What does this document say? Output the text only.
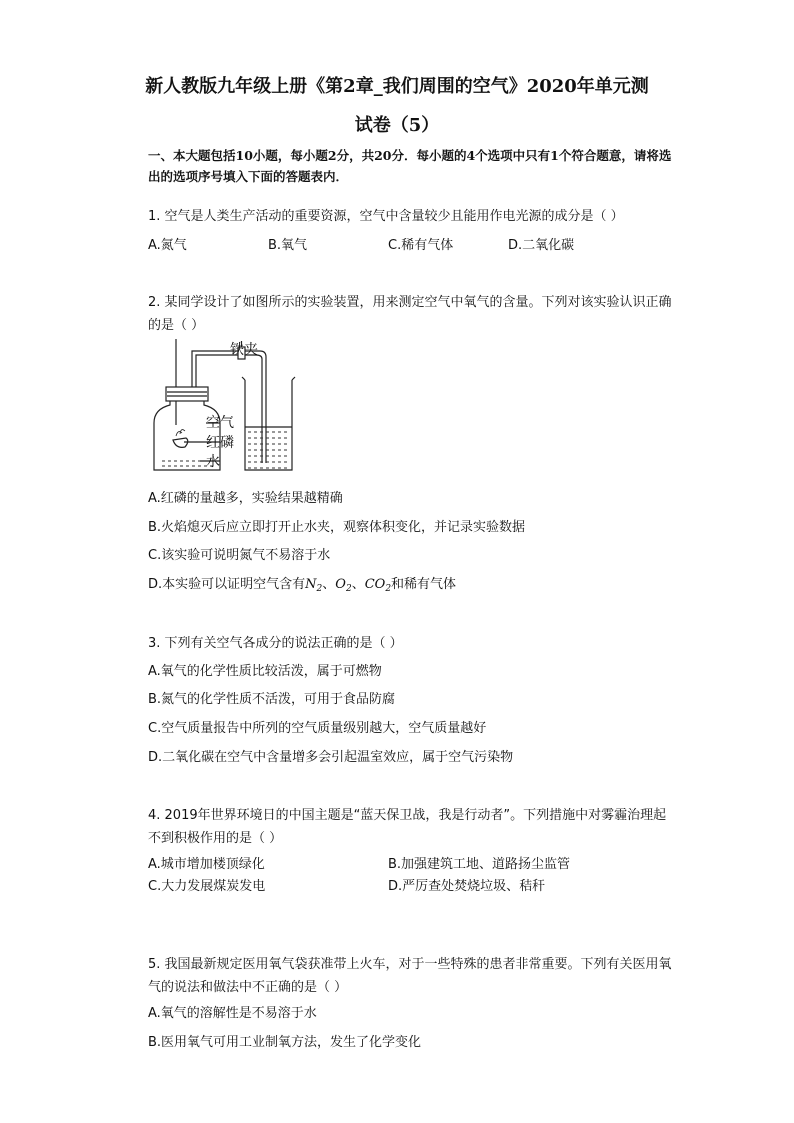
新人教版九年级上册《第2章_我们周围的空气》2020年单元测
试卷（5）
一、本大题包括10小题，每小题2分，共20分．每小题的4个选项中只有1个符合题意，请将选出的选项序号填入下面的答题表内．
1. 空气是人类生产活动的重要资源，空气中含量较少且能用作电光源的成分是（ ）
A.氮气	B.氧气	C.稀有气体	D.二氧化碳
2. 某同学设计了如图所示的实验装置，用来测定空气中氧气的含量。下列对该实验认识正确的是（ ）
铁夹
空气
红磷
水
A.红磷的量越多，实验结果越精确
B.火焰熄灭后应立即打开止水夹，观察体积变化，并记录实验数据
C.该实验可说明氮气不易溶于水
D.本实验可以证明空气含有$N_2$、$O_2$、$CO_2$和稀有气体
3. 下列有关空气各成分的说法正确的是（ ）
A.氧气的化学性质比较活泼，属于可燃物
B.氮气的化学性质不活泼，可用于食品防腐
C.空气质量报告中所列的空气质量级别越大，空气质量越好
D.二氧化碳在空气中含量增多会引起温室效应，属于空气污染物
4. 2019年世界环境日的中国主题是“蓝天保卫战，我是行动者”。下列措施中对雾霾治理起不到积极作用的是（ ）
A.城市增加楼顶绿化	B.加强建筑工地、道路扬尘监管
C.大力发展煤炭发电	D.严厉查处焚烧垃圾、秸秆
5. 我国最新规定医用氧气袋获准带上火车，对于一些特殊的患者非常重要。下列有关医用氧气的说法和做法中不正确的是（ ）
A.氧气的溶解性是不易溶于水
B.医用氧气可用工业制氧方法，发生了化学变化
